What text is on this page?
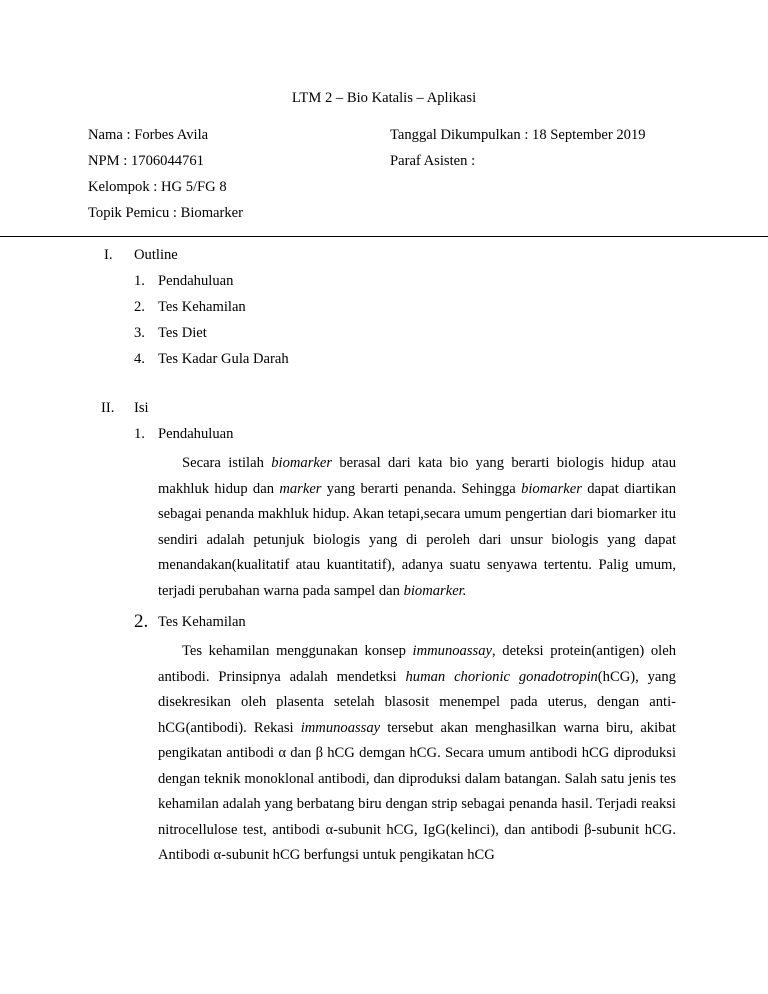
LTM 2 – Bio Katalis – Aplikasi
Nama : Forbes Avila
NPM : 1706044761
Kelompok : HG 5/FG 8
Topik Pemicu : Biomarker
Tanggal Dikumpulkan : 18 September 2019
Paraf Asisten :
I. Outline
1. Pendahuluan
2. Tes Kehamilan
3. Tes Diet
4. Tes Kadar Gula Darah
II. Isi
1. Pendahuluan
Secara istilah biomarker berasal dari kata bio yang berarti biologis hidup atau makhluk hidup dan marker yang berarti penanda. Sehingga biomarker dapat diartikan sebagai penanda makhluk hidup. Akan tetapi,secara umum pengertian dari biomarker itu sendiri adalah petunjuk biologis yang di peroleh dari unsur biologis yang dapat menandakan(kualitatif atau kuantitatif), adanya suatu senyawa tertentu. Palig umum, terjadi perubahan warna pada sampel dan biomarker.
2. Tes Kehamilan
Tes kehamilan menggunakan konsep immunoassay, deteksi protein(antigen) oleh antibodi. Prinsipnya adalah mendetksi human chorionic gonadotropin(hCG), yang disekresikan oleh plasenta setelah blasosit menempel pada uterus, dengan anti-hCG(antibodi). Rekasi immunoassay tersebut akan menghasilkan warna biru, akibat pengikatan antibodi α dan β hCG demgan hCG. Secara umum antibodi hCG diproduksi dengan teknik monoklonal antibodi, dan diproduksi dalam batangan. Salah satu jenis tes kehamilan adalah yang berbatang biru dengan strip sebagai penanda hasil. Terjadi reaksi nitrocellulose test, antibodi α-subunit hCG, IgG(kelinci), dan antibodi β-subunit hCG. Antibodi α-subunit hCG berfungsi untuk pengikatan hCG
